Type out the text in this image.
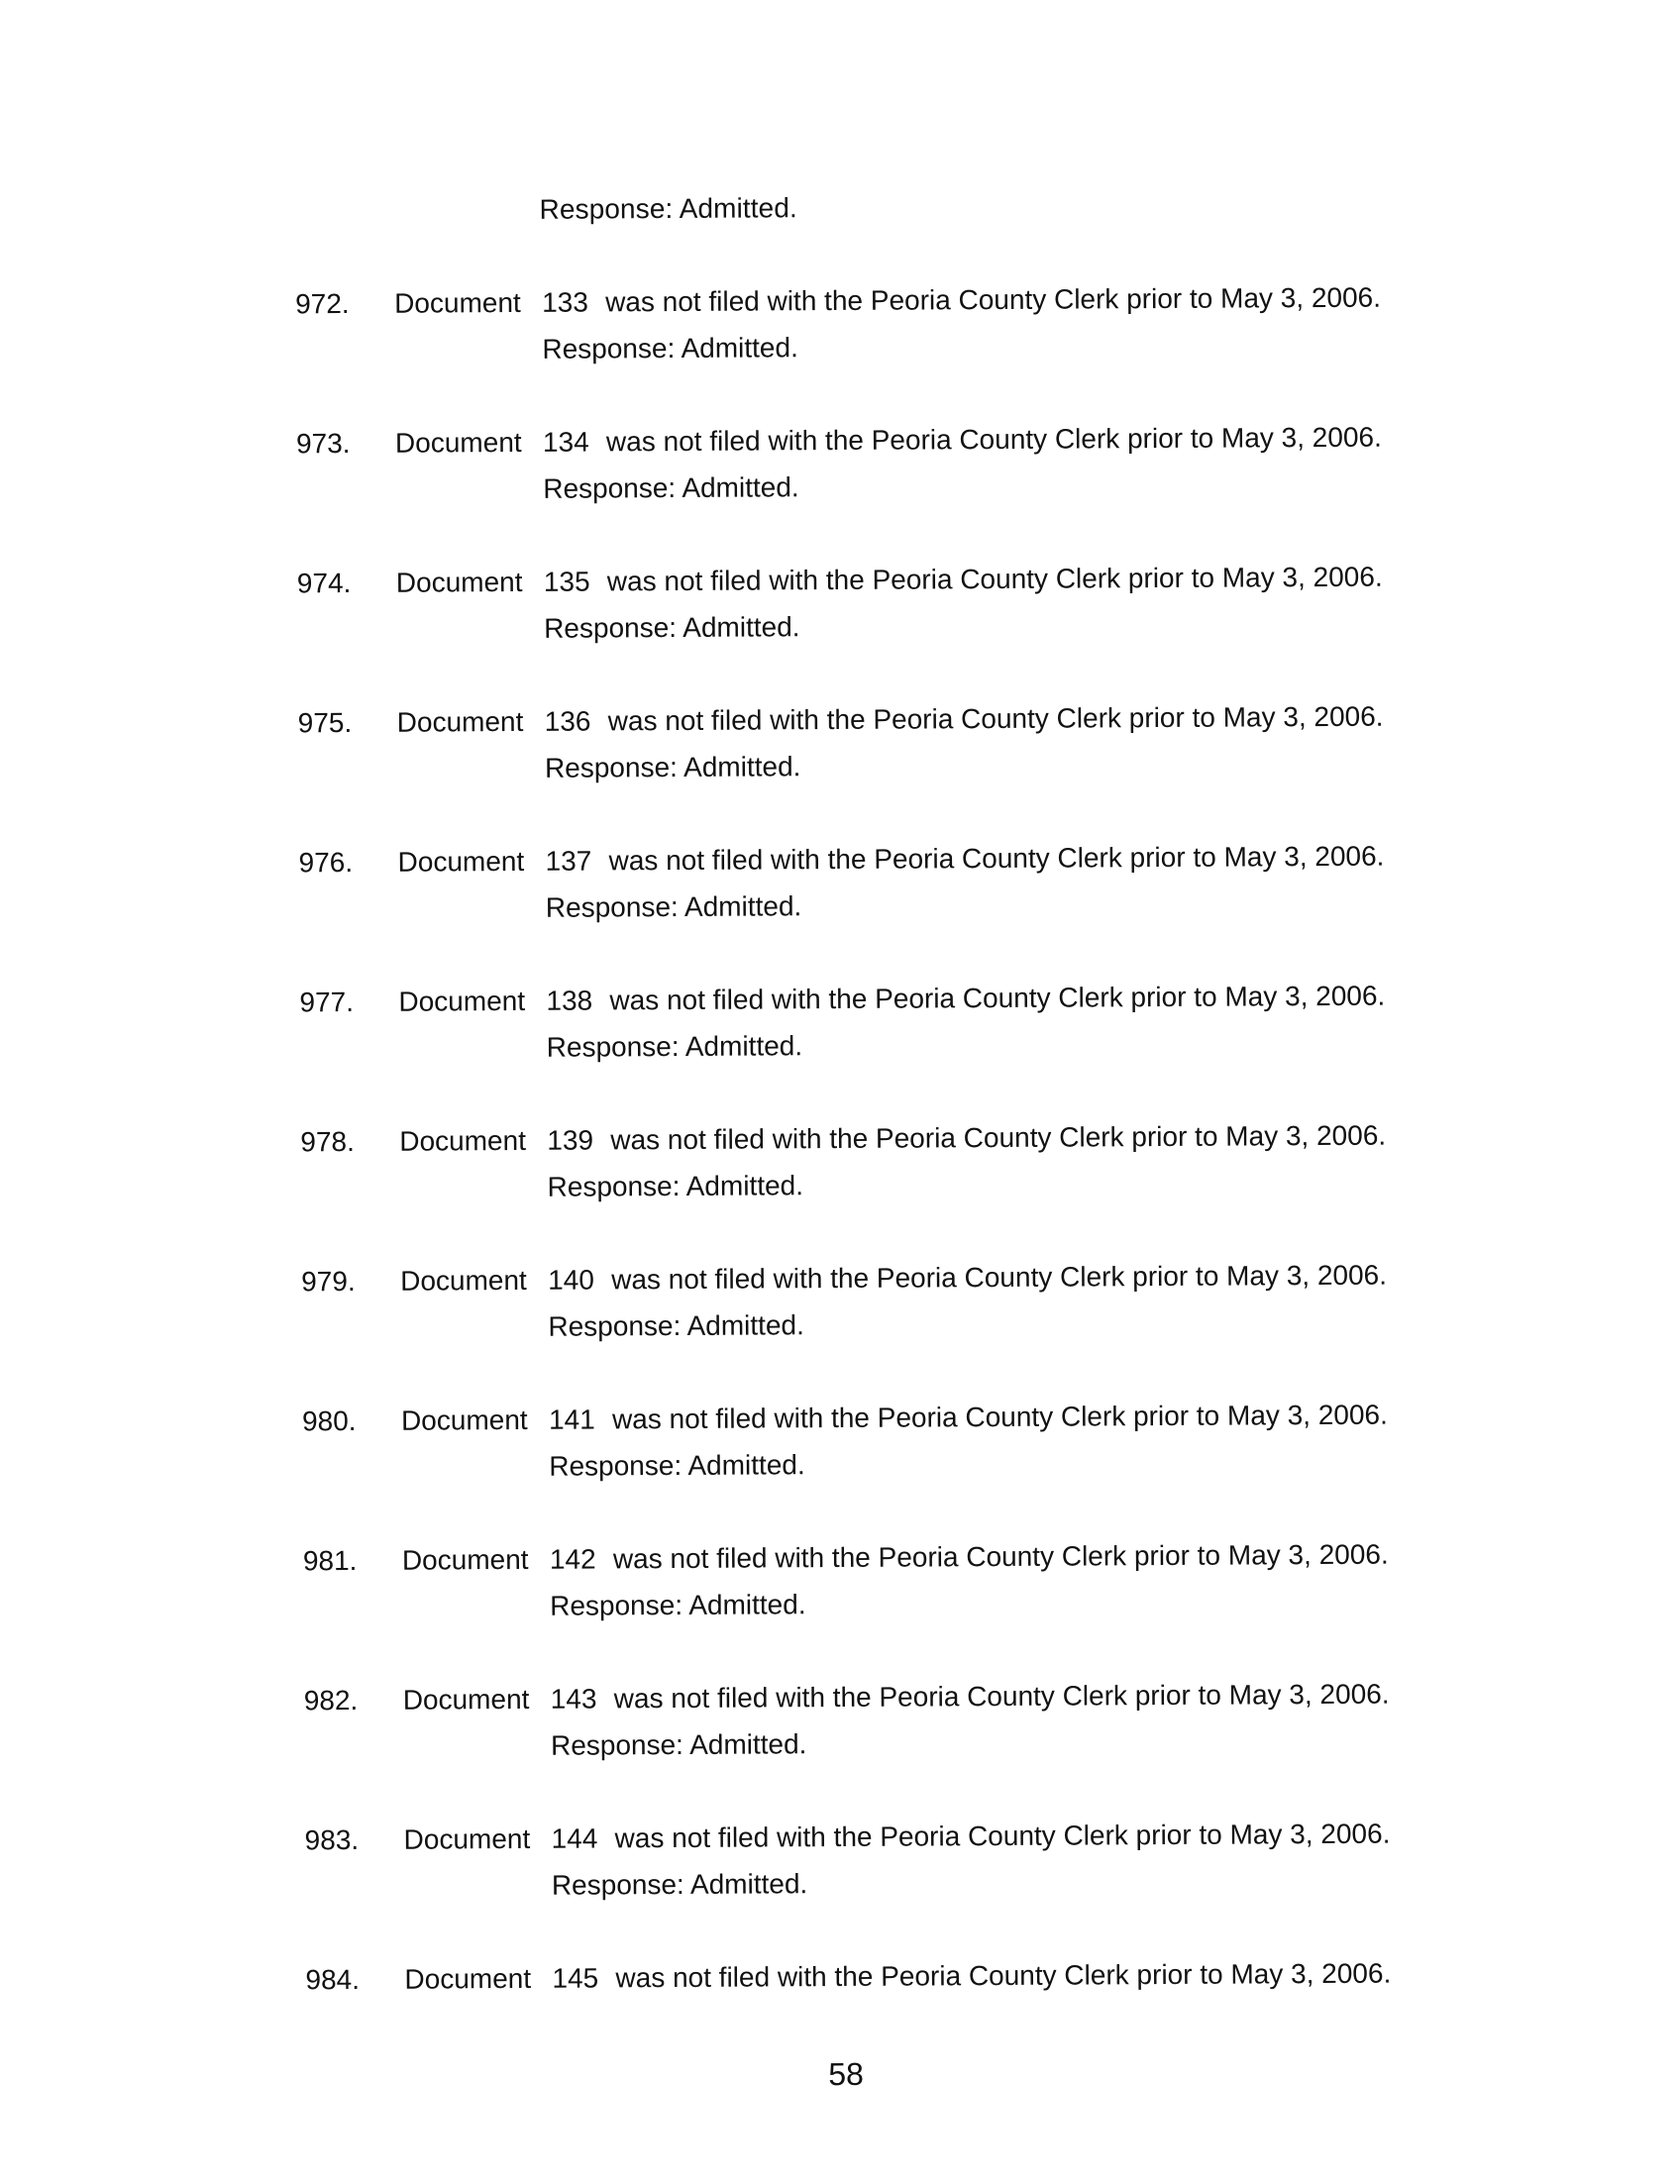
Response: Admitted.
972. Document 133 was not filed with the Peoria County Clerk prior to May 3, 2006.
Response: Admitted.
973. Document 134 was not filed with the Peoria County Clerk prior to May 3, 2006.
Response: Admitted.
974. Document 135 was not filed with the Peoria County Clerk prior to May 3, 2006.
Response: Admitted.
975. Document 136 was not filed with the Peoria County Clerk prior to May 3, 2006.
Response: Admitted.
976. Document 137 was not filed with the Peoria County Clerk prior to May 3, 2006.
Response: Admitted.
977. Document 138 was not filed with the Peoria County Clerk prior to May 3, 2006.
Response: Admitted.
978. Document 139 was not filed with the Peoria County Clerk prior to May 3, 2006.
Response: Admitted.
979. Document 140 was not filed with the Peoria County Clerk prior to May 3, 2006.
Response: Admitted.
980. Document 141 was not filed with the Peoria County Clerk prior to May 3, 2006.
Response: Admitted.
981. Document 142 was not filed with the Peoria County Clerk prior to May 3, 2006.
Response: Admitted.
982. Document 143 was not filed with the Peoria County Clerk prior to May 3, 2006.
Response: Admitted.
983. Document 144 was not filed with the Peoria County Clerk prior to May 3, 2006.
Response: Admitted.
984. Document 145 was not filed with the Peoria County Clerk prior to May 3, 2006.
58
